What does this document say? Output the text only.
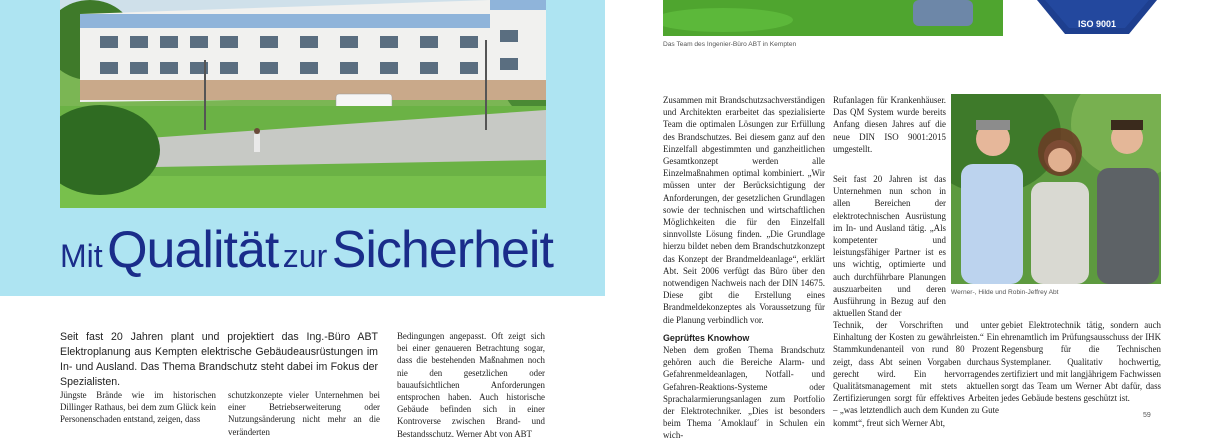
Mit Qualität zur Sicherheit
Seit fast 20 Jahren plant und projektiert das Ing.-Büro ABT Elektroplanung aus Kempten elektrische Gebäudeausrüstungen im In- und Ausland. Das Thema Brandschutz steht dabei im Fokus der Spezialisten.
Jüngste Brände wie im historischen Dillinger Rathaus, bei dem zum Glück kein Personenschaden entstand, zeigen, dass
schutzkonzepte vieler Unternehmen bei einer Betriebserweiterung oder Nutzungsänderung nicht mehr an die veränderten
Bedingungen angepasst. Oft zeigt sich bei einer genaueren Betrachtung sogar, dass die bestehenden Maßnahmen noch nie den gesetzlichen oder bauaufsichtlichen Anforderungen entsprochen haben. Auch historische Gebäude befinden sich in einer Kontroverse zwischen Brand- und Bestandsschutz. Werner Abt von ABT
Das Team des Ingenier-Büro ABT in Kempten
ISO 9001
Zusammen mit Brandschutzsachverständigen und Architekten erarbeitet das spezialisierte Team die optimalen Lösungen zur Erfüllung des Brandschutzes. Bei diesem ganz auf den Einzelfall abgestimmten und ganzheitlichen Gesamtkonzept werden alle Einzelmaßnahmen optimal kombiniert. „Wir müssen unter der Berücksichtigung der Anforderungen, der gesetzlichen Grundlagen sowie der technischen und wirtschaftlichen Möglichkeiten die für den Einzelfall sinnvollste Lösung finden. „Die Grundlage hierzu bildet neben dem Brandschutzkonzept das Konzept der Brandmeldeanlage“, erklärt Abt. Seit 2006 verfügt das Büro über den notwendigen Nachweis nach der DIN 14675. Diese gibt die Erstellung eines Brandmeldekonzeptes als Voraussetzung für die Planung verbindlich vor.
Geprüftes Knowhow
Neben dem großen Thema Brandschutz gehören auch die Bereiche Alarm- und Gefahrenmeldeanlagen, Notfall- und Gefahren-Reaktions-Systeme oder Sprachalarmierungsanlagen zum Portfolio der Elektrotechniker. „Dies ist besonders beim Thema ´Amoklauf´ in Schulen ein wich-
Rufanlagen für Krankenhäuser. Das QM System wurde bereits Anfang diesen Jahres auf die neue DIN ISO 9001:2015 umgestellt.
Seit fast 20 Jahren ist das Unternehmen nun schon in allen Bereichen der elektrotechnischen Ausrüstung im In- und Ausland tätig. „Als kompetenter und leistungsfähiger Partner ist es uns wichtig, optimierte und auch durchführbare Planungen auszuarbeiten und deren Ausführung in Bezug auf den aktuellen Stand der
Technik, der Vorschriften und unter Einhaltung der Kosten zu gewährleisten.“ Ein Stammkundenanteil von rund 80 Prozent zeigt, dass Abt seinen Vorgaben durchaus gerecht wird. Ein hervorragendes Qualitätsmanagement mit stets aktuellen Zertifizierungen sorgt für effektives Arbeiten – „was letztendlich auch dem Kunden zu Gute kommt“, freut sich Werner Abt,
Werner-, Hilde und Robin-Jeffrey Abt
gebiet Elektrotechnik tätig, sondern auch ehrenamtlich im Prüfungsausschuss der IHK Regensburg für die Technischen Systemplaner. Qualitativ hochwertig, zertifiziert und mit langjährigem Fachwissen sorgt das Team um Werner Abt dafür, dass jedes Gebäude bestens geschützt ist.
59
